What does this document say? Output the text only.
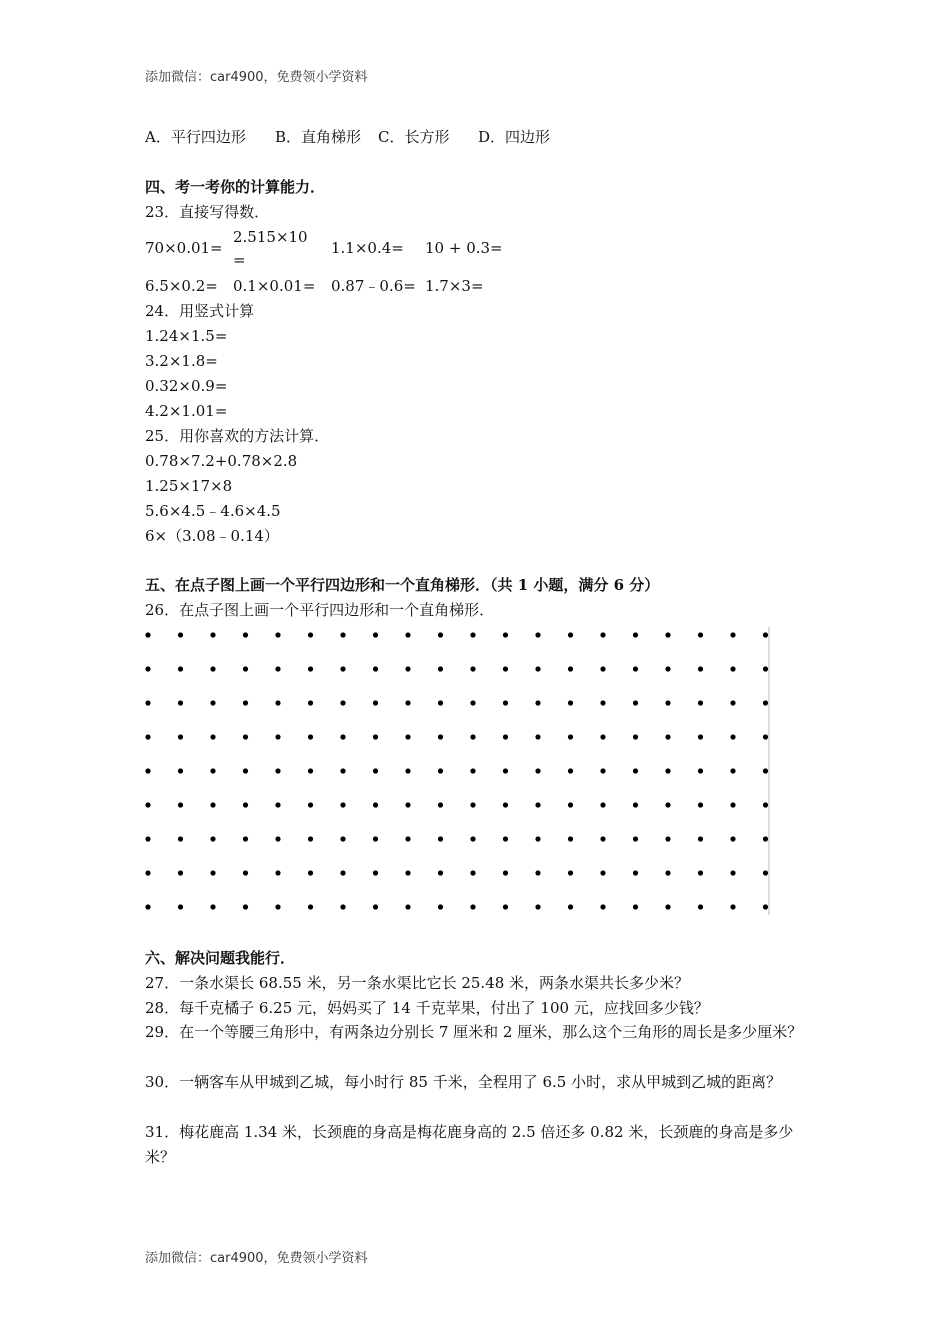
添加微信：car4900，免费领小学资料
A．平行四边形 B．直角梯形 C．长方形 D．四边形
四、考一考你的计算能力．
23．直接写得数．
70×0.01=
2.515×10
=
1.1×0.4= 10 + 0.3=
6.5×0.2= 0.1×0.01= 0.87﹣0.6= 1.7×3=
24．用竖式计算
1.24×1.5=
3.2×1.8=
0.32×0.9=
4.2×1.01=
25．用你喜欢的方法计算．
0.78×7.2+0.78×2.8
1.25×17×8
5.6×4.5﹣4.6×4.5
6×（3.08﹣0.14）
五、在点子图上画一个平行四边形和一个直角梯形．（共 1 小题，满分 6 分）
26．在点子图上画一个平行四边形和一个直角梯形．
六、解决问题我能行．
27．一条水渠长 68.55 米，另一条水渠比它长 25.48 米，两条水渠共长多少米？
28．每千克橘子 6.25 元，妈妈买了 14 千克苹果，付出了 100 元，应找回多少钱？
29．在一个等腰三角形中，有两条边分别长 7 厘米和 2 厘米，那么这个三角形的周长是多少厘米？
30．一辆客车从甲城到乙城，每小时行 85 千米，全程用了 6.5 小时，求从甲城到乙城的距离？
31．梅花鹿高 1.34 米，长颈鹿的身高是梅花鹿身高的 2.5 倍还多 0.82 米，长颈鹿的身高是多少米？
添加微信：car4900，免费领小学资料
